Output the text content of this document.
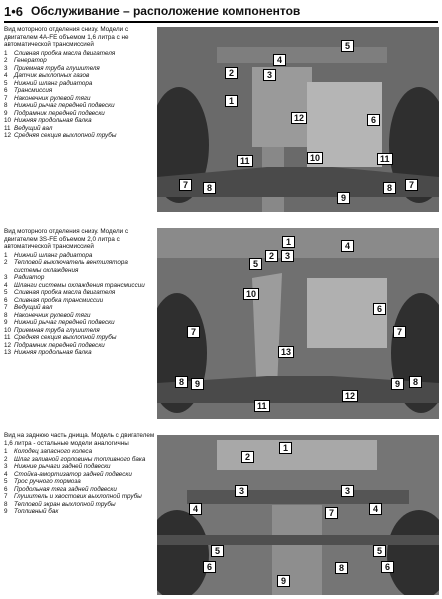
1•6 Обслуживание – расположение компонентов
Вид моторного отделения снизу. Модели с двигателем 4A-FE объемом 1,6 литра с не автоматической трансмиссией
1	Сливная пробка масла двигателя
2	Генератор
3	Приемная труба глушителя
4	Датчик выхлопных газов
5	Нижний шланг радиатора
6	Трансмиссия
7	Наконечник рулевой тяги
8	Нижний рычаг передней подвески
9	Подрамник передней подвески
10 Нижняя продольная балка
11 Ведущий вал
12 Средняя секция выхлопной трубы
1
2	3
4
5
6
7	7
8	8
9
10
11	11
12
Вид моторного отделения снизу. Модели с двигателем 3S-FE объемом 2,0 литра с автоматической трансмиссией
1	Нижний шланг радиатора
2	Тепловой выключатель вентилятора системы охлаждения
3	Радиатор
4	Шланги системы охлаждения трансмиссии
5	Сливная пробка масла двигателя
6	Сливная пробка трансмиссии
7	Ведущий вал
8	Наконечник рулевой тяги
9	Нижний рычаг передней подвески
10 Приемная труба глушителя
11 Средняя секция выхлопной трубы
12 Подрамник передней подвески
13 Нижняя продольная балка
1
2	3
4
5
6
7	7
8	8
9	9
10
11
12
13
Вид на заднюю часть днища. Модель с двигателем 1,6 литра - остальные модели аналогичны
1	Колодец запасного колеса
2	Шлаг заливной горловины топливного бака
3	Нижние рычаги задней подвески
4	Стойка-амортизатор задней подвески
5	Трос ручного тормоза
6	Продольная тяга задней подвески
7	Глушитель и хвостовик выхлопной трубы
8	Тепловой экран выхлопной трубы
9	Топливный бак
1
2
3	3
4	4
5	5
6	6
7
8
9
